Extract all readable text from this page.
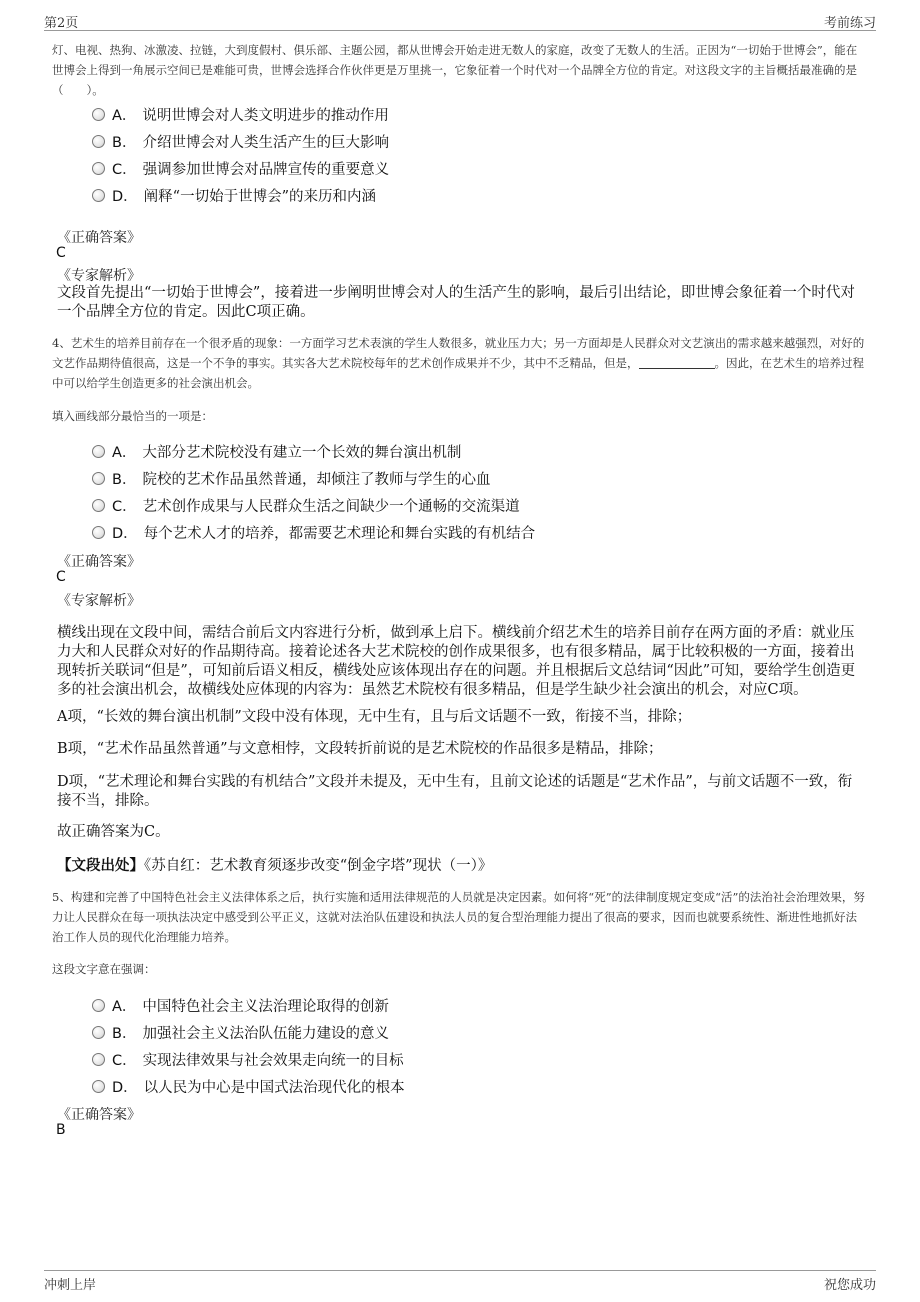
第2页	考前练习
灯、电视、热狗、冰激凌、拉链，大到度假村、俱乐部、主题公园，都从世博会开始走进无数人的家庭，改变了无数人的生活。正因为“一切始于世博会”，能在世博会上得到一角展示空间已是难能可贵，世博会选择合作伙伴更是万里挑一，它象征着一个时代对一个品牌全方位的肯定。对这段文字的主旨概括最准确的是（　　）。
A． 说明世博会对人类文明进步的推动作用
B． 介绍世博会对人类生活产生的巨大影响
C． 强调参加世博会对品牌宣传的重要意义
D． 阐释“一切始于世博会”的来历和内涵
《正确答案》
C
《专家解析》
文段首先提出“一切始于世博会”，接着进一步阐明世博会对人的生活产生的影响，最后引出结论，即世博会象征着一个时代对一个品牌全方位的肯定。因此C项正确。
4、艺术生的培养目前存在一个很矛盾的现象：一方面学习艺术表演的学生人数很多，就业压力大；另一方面却是人民群众对文艺演出的需求越来越强烈，对好的文艺作品期待值很高，这是一个不争的事实。其实各大艺术院校每年的艺术创作成果并不少，其中不乏精品，但是，	。因此，在艺术生的培养过程中可以给学生创造更多的社会演出机会。
填入画线部分最恰当的一项是：
A． 大部分艺术院校没有建立一个长效的舞台演出机制
B． 院校的艺术作品虽然普通，却倾注了教师与学生的心血
C． 艺术创作成果与人民群众生活之间缺少一个通畅的交流渠道
D． 每个艺术人才的培养，都需要艺术理论和舞台实践的有机结合
《正确答案》
C
《专家解析》
横线出现在文段中间，需结合前后文内容进行分析，做到承上启下。横线前介绍艺术生的培养目前存在两方面的矛盾：就业压力大和人民群众对好的作品期待高。接着论述各大艺术院校的创作成果很多，也有很多精品，属于比较积极的一方面，接着出现转折关联词“但是”，可知前后语义相反，横线处应该体现出存在的问题。并且根据后文总结词“因此”可知，要给学生创造更多的社会演出机会，故横线处应体现的内容为：虽然艺术院校有很多精品，但是学生缺少社会演出的机会，对应C项。
A项，“长效的舞台演出机制”文段中没有体现，无中生有，且与后文话题不一致，衔接不当，排除；
B项，“艺术作品虽然普通”与文意相悖，文段转折前说的是艺术院校的作品很多是精品，排除；
D项，“艺术理论和舞台实践的有机结合”文段并未提及，无中生有，且前文论述的话题是“艺术作品”，与前文话题不一致，衔接不当，排除。
故正确答案为C。
【文段出处】《苏自红：艺术教育须逐步改变“倒金字塔”现状（一）》
5、构建和完善了中国特色社会主义法律体系之后，执行实施和适用法律规范的人员就是决定因素。如何将“死”的法律制度规定变成“活”的法治社会治理效果，努力让人民群众在每一项执法决定中感受到公平正义，这就对法治队伍建设和执法人员的复合型治理能力提出了很高的要求，因而也就要系统性、渐进性地抓好法治工作人员的现代化治理能力培养。
这段文字意在强调：
A． 中国特色社会主义法治理论取得的创新
B． 加强社会主义法治队伍能力建设的意义
C． 实现法律效果与社会效果走向统一的目标
D． 以人民为中心是中国式法治现代化的根本
《正确答案》
B
冲刺上岸	祝您成功
